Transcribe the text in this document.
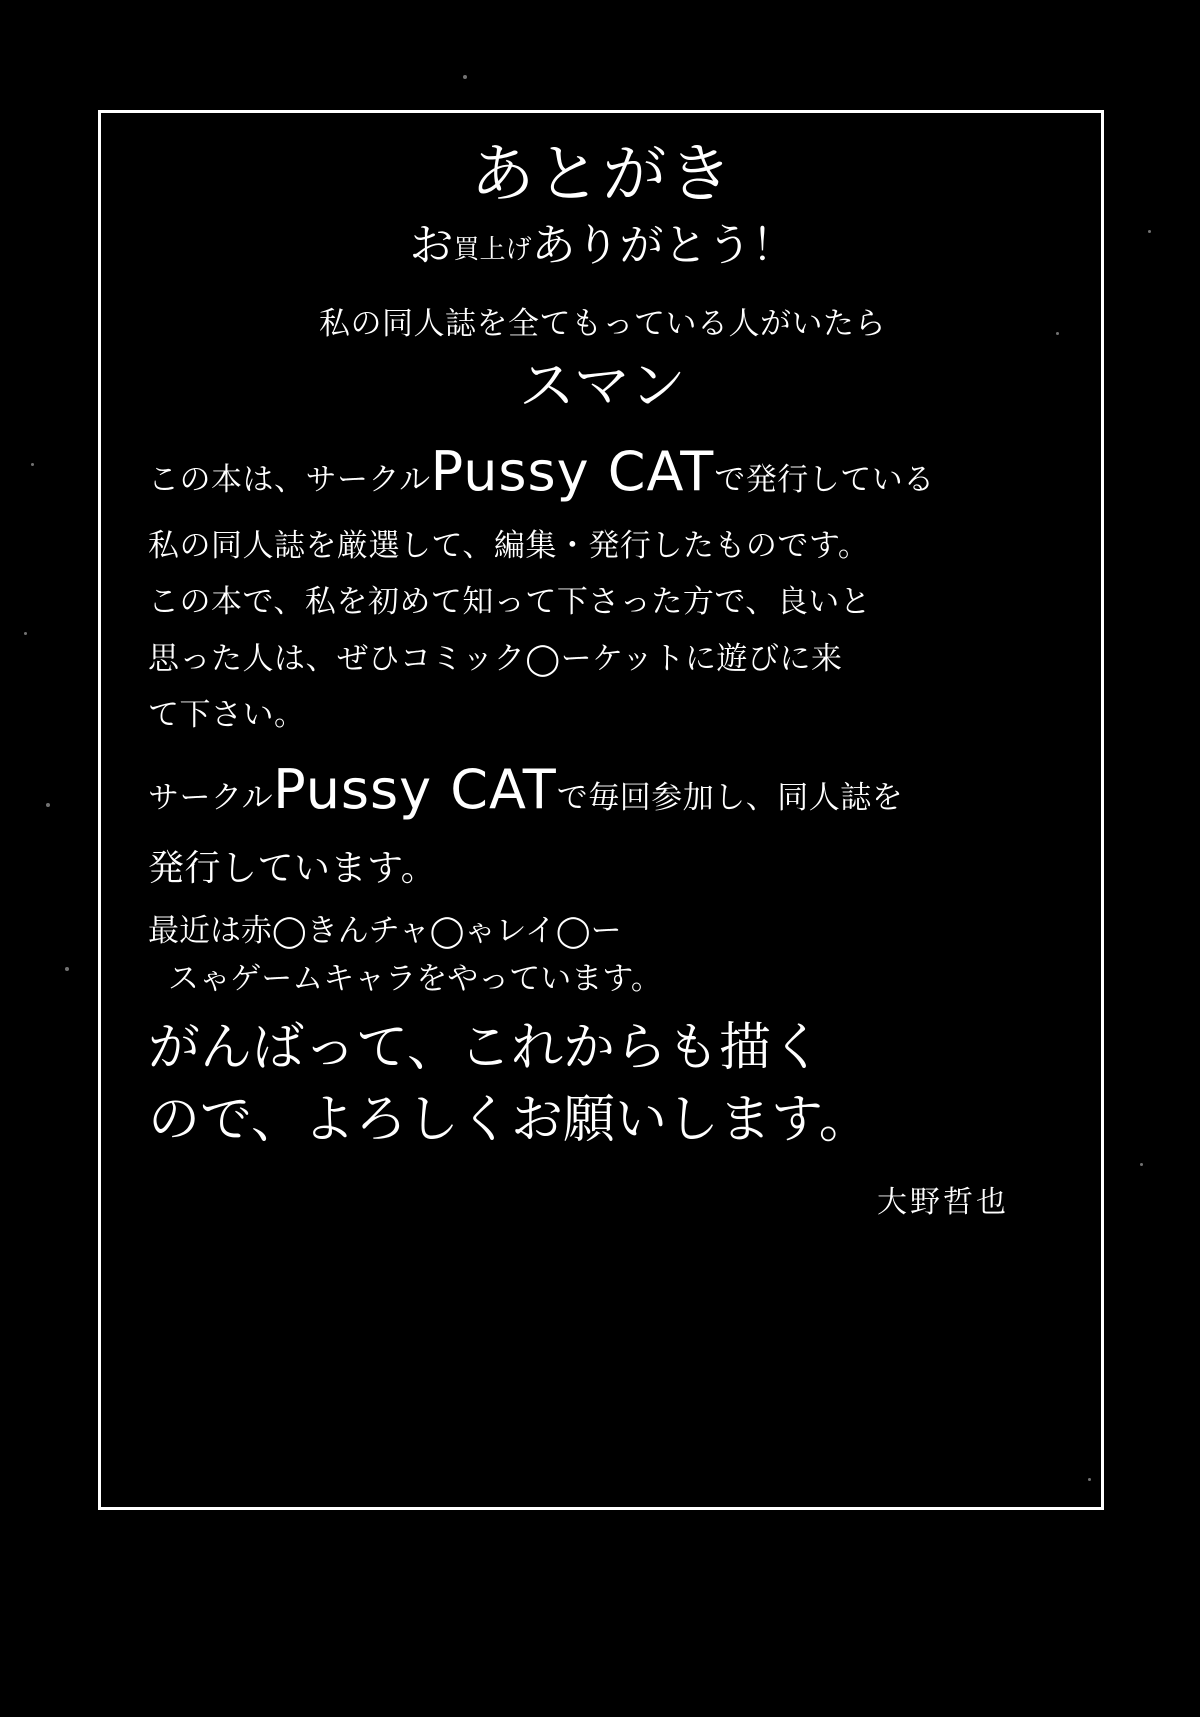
あとがき
お買上げありがとう！
私の同人誌を全てもっている人がいたら
スマン
この本は、サークルPussy CATで発行している
私の同人誌を厳選して、編集・発行したものです。
この本で、私を初めて知って下さった方で、良いと
思った人は、ぜひコミック◯ーケットに遊びに来
て下さい。
サークルPussy CATで毎回参加し、同人誌を
発行しています。
最近は赤◯きんチャ◯ゃレイ◯ー
スゃゲームキャラをやっています。
がんばって、これからも描く
ので、よろしくお願いします。
大野哲也
